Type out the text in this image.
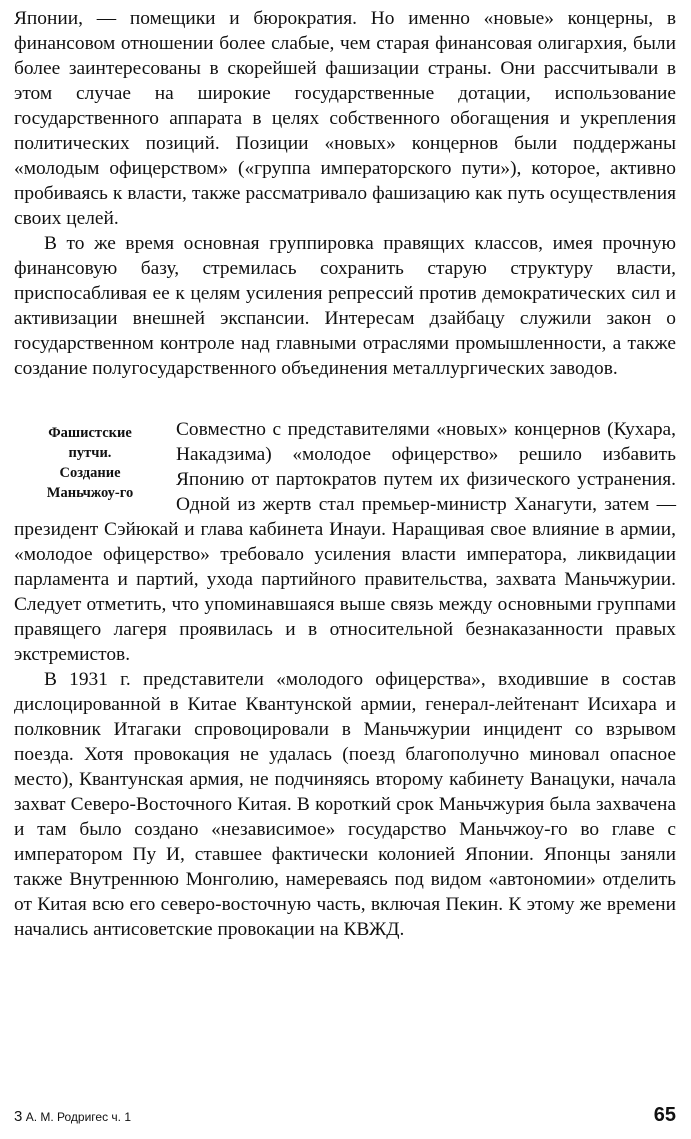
Японии, — помещики и бюрократия. Но именно «новые» концерны, в финансовом отношении более слабые, чем старая финансовая олигархия, были более заинтересованы в скорейшей фашизации страны. Они рассчитывали в этом случае на широкие государственные дотации, использование государственного аппарата в целях собственного обогащения и укрепления политических позиций. Позиции «новых» концернов были поддержаны «молодым офицерством» («группа императорского пути»), которое, активно пробиваясь к власти, также рассматривало фашизацию как путь осуществления своих целей.

В то же время основная группировка правящих классов, имея прочную финансовую базу, стремилась сохранить старую структуру власти, приспосабливая ее к целям усиления репрессий против демократических сил и активизации внешней экспансии. Интересам дзайбацу служили закон о государственном контроле над главными отраслями промышленности, а также создание полугосударственного объединения металлургических заводов.

Фашистские
путчи.
Создание
Маньчжоу-го

Совместно с представителями «новых» концернов (Кухара, Накадзима) «молодое офицерство» решило избавить Японию от партократов путем их физического устранения. Одной из жертв стал премьер-министр Ханагути, затем — президент Сэйюкай и глава кабинета Инауи. Наращивая свое влияние в армии, «молодое офицерство» требовало усиления власти императора, ликвидации парламента и партий, ухода партийного правительства, захвата Маньчжурии. Следует отметить, что упоминавшаяся выше связь между основными группами правящего лагеря проявилась и в относительной безнаказанности правых экстремистов.

В 1931 г. представители «молодого офицерства», входившие в состав дислоцированной в Китае Квантунской армии, генерал-лейтенант Исихара и полковник Итагаки спровоцировали в Маньчжурии инцидент со взрывом поезда. Хотя провокация не удалась (поезд благополучно миновал опасное место), Квантунская армия, не подчиняясь второму кабинету Ванацуки, начала захват Северо-Восточного Китая. В короткий срок Маньчжурия была захвачена и там было создано «независимое» государство Маньчжоу-го во главе с императором Пу И, ставшее фактически колонией Японии. Японцы заняли также Внутреннюю Монголию, намереваясь под видом «автономии» отделить от Китая всю его северо-восточную часть, включая Пекин. К этому же времени начались антисоветские провокации на КВЖД.

3 А. М. Родригес ч. 1	65
